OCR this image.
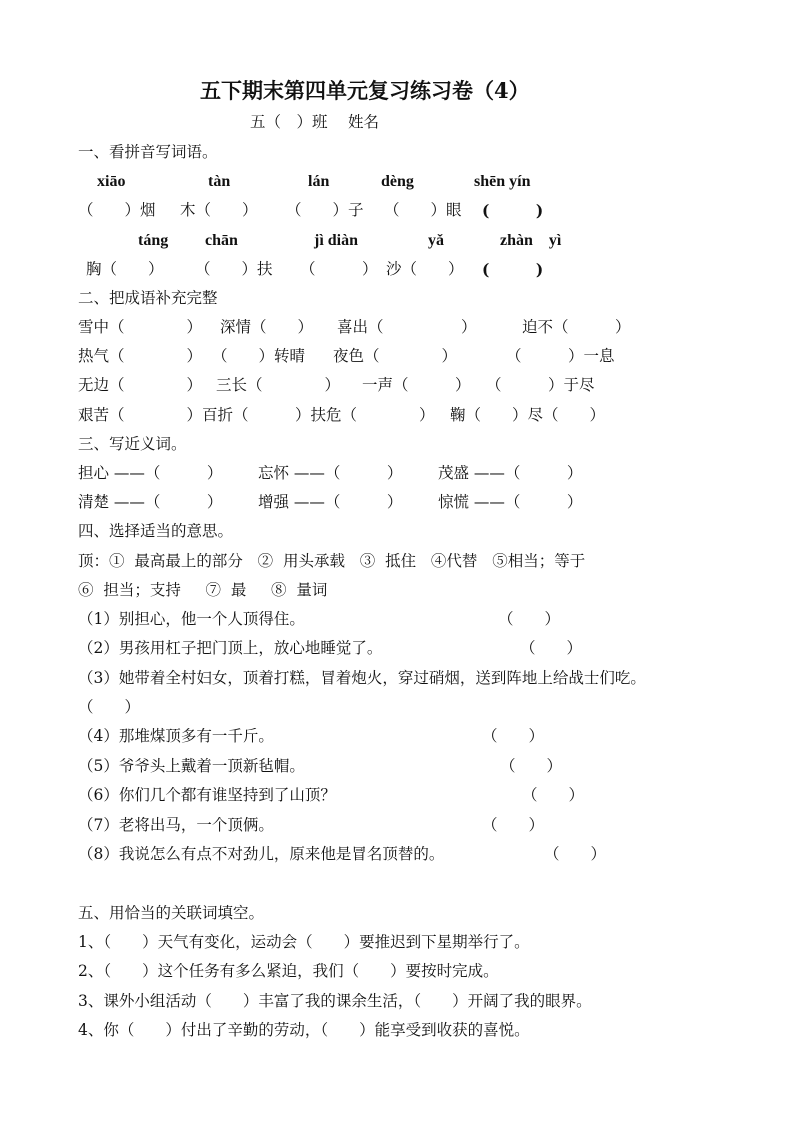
五下期末第四单元复习练习卷（4）
五（　）班 姓名
一、看拼音写词语。
xiāo	tàn	lán	dèng	shēn yín
（　　）烟 木（　　） （　　）子 （　　）眼 (　　　)
táng chān	jì diàn	yǎ	zhàn　yì
胸（　　） （　　）扶 （　　　） 沙（　　） (　　　)
二、把成语补充完整
雪中（　　　　） 深情（　　） 喜出（　　　　　）	迫不（　　　）
热气（　　　　） （　　）转晴 夜色（　　　　）	（　　　）一息
无边（　　　　） 三长（　　　　） 一声（　　　） （　　　）于尽
艰苦（　　　　）百折（　　　）扶危（　　　　） 鞠（　　）尽（　　）
三、写近义词。
担心 ——（　　　） 忘怀 ——（　　　） 茂盛 ——（　　　）
清楚 ——（　　　） 增强 ——（　　　） 惊慌 ——（　　　）
四、选择适当的意思。
顶：①  最高最上的部分   ②  用头承载   ③  抵住   ④代替   ⑤相当；等于
⑥  担当；支持     ⑦  最     ⑧  量词
（1）别担心，他一个人顶得住。	（　　）
（2）男孩用杠子把门顶上，放心地睡觉了。	（　　）
（3）她带着全村妇女，顶着打糕，冒着炮火，穿过硝烟，送到阵地上给战士们吃。
（　　）
（4）那堆煤顶多有一千斤。	（　　）
（5）爷爷头上戴着一顶新毡帽。	（　　）
（6）你们几个都有谁坚持到了山顶？	（　　）
（7）老将出马，一个顶俩。	（　　）
（8）我说怎么有点不对劲儿，原来他是冒名顶替的。	（　　）
五、用恰当的关联词填空。
1、（　　）天气有变化，运动会（　　）要推迟到下星期举行了。
2、（　　）这个任务有多么紧迫，我们（　　）要按时完成。
3、课外小组活动（　　）丰富了我的课余生活，（　　）开阔了我的眼界。
4、你（　　）付出了辛勤的劳动，（　　）能享受到收获的喜悦。
